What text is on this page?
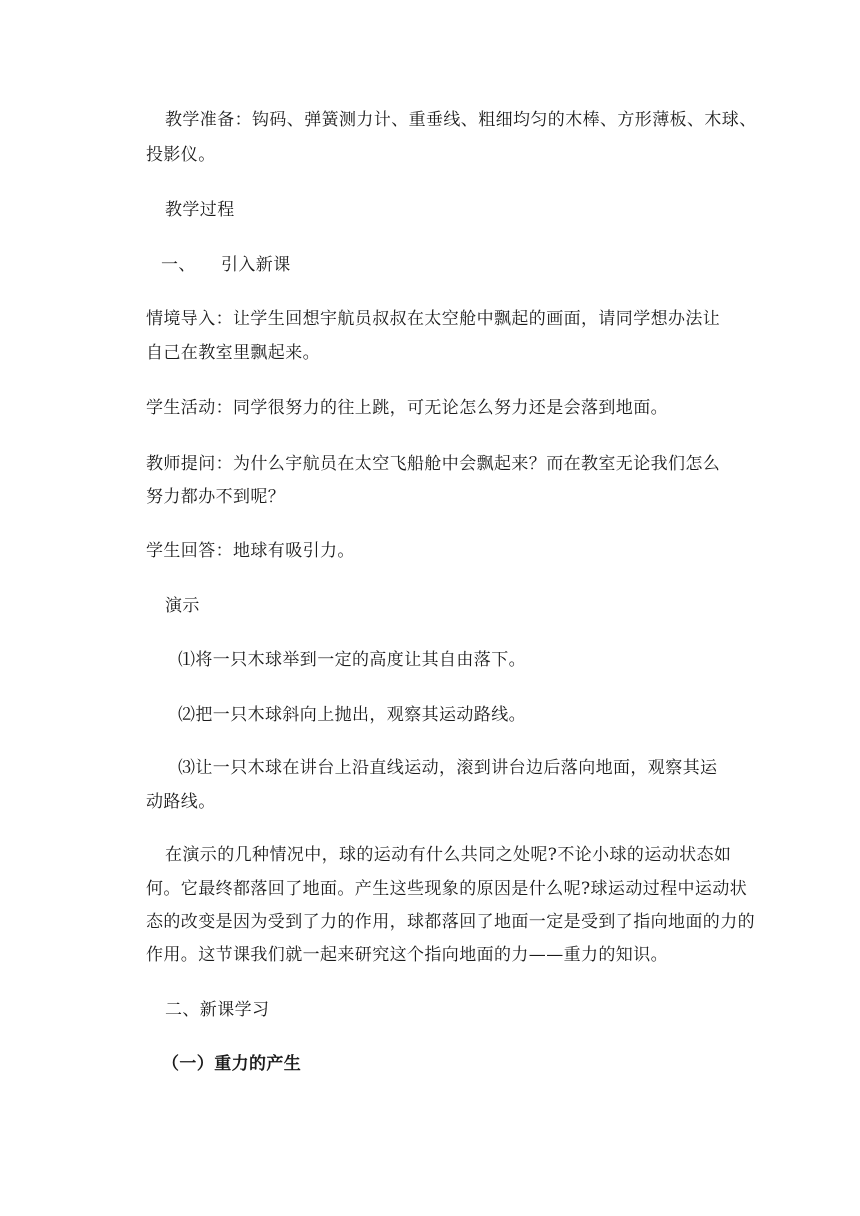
教学准备：钩码、弹簧测力计、重垂线、粗细均匀的木棒、方形薄板、木球、
投影仪。
教学过程
一、 引入新课
情境导入：让学生回想宇航员叔叔在太空舱中飘起的画面，请同学想办法让
自己在教室里飘起来。
学生活动：同学很努力的往上跳，可无论怎么努力还是会落到地面。
教师提问：为什么宇航员在太空飞船舱中会飘起来？而在教室无论我们怎么
努力都办不到呢？
学生回答：地球有吸引力。
演示
⑴将一只木球举到一定的高度让其自由落下。
⑵把一只木球斜向上抛出，观察其运动路线。
⑶让一只木球在讲台上沿直线运动，滚到讲台边后落向地面，观察其运
动路线。
在演示的几种情况中，球的运动有什么共同之处呢?不论小球的运动状态如
何。它最终都落回了地面。产生这些现象的原因是什么呢?球运动过程中运动状
态的改变是因为受到了力的作用，球都落回了地面一定是受到了指向地面的力的
作用。这节课我们就一起来研究这个指向地面的力——重力的知识。
二、新课学习
（一）重力的产生
